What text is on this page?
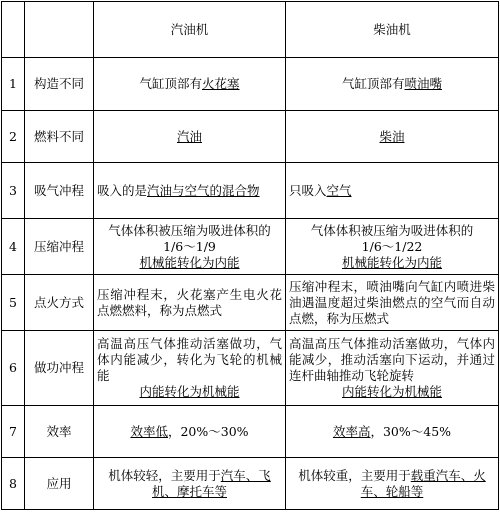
		汽油机	柴油机
1	构造不同	气缸顶部有火花塞	气缸顶部有喷油嘴
2	燃料不同	汽油	柴油
3	吸气冲程	吸入的是汽油与空气的混合物	只吸入空气
4	压缩冲程	气体体积被压缩为吸进体积的
1/6～1/9
机械能转化为内能	气体体积被压缩为吸进体积的
1/6～1/22
机械能转化为内能

5	点火方式	压缩冲程末，火花塞产生电火花点燃燃料，称为点燃式	压缩冲程末，喷油嘴向气缸内喷进柴油遇温度超过柴油燃点的空气而自动点燃，称为压燃式
6	做功冲程	高温高压气体推动活塞做功，气体内能减少，转化为飞轮的机械能
内能转化为机械能	高温高压气体推动活塞做功，气体内能减少，推动活塞向下运动，并通过连杆曲轴推动飞轮旋转
内能转化为机械能

7	效率	效率低，20%～30%	效率高，30%～45%
8	应用	机体较轻，主要用于汽车、飞机、摩托车等	机体较重，主要用于载重汽车、火车、轮船等
